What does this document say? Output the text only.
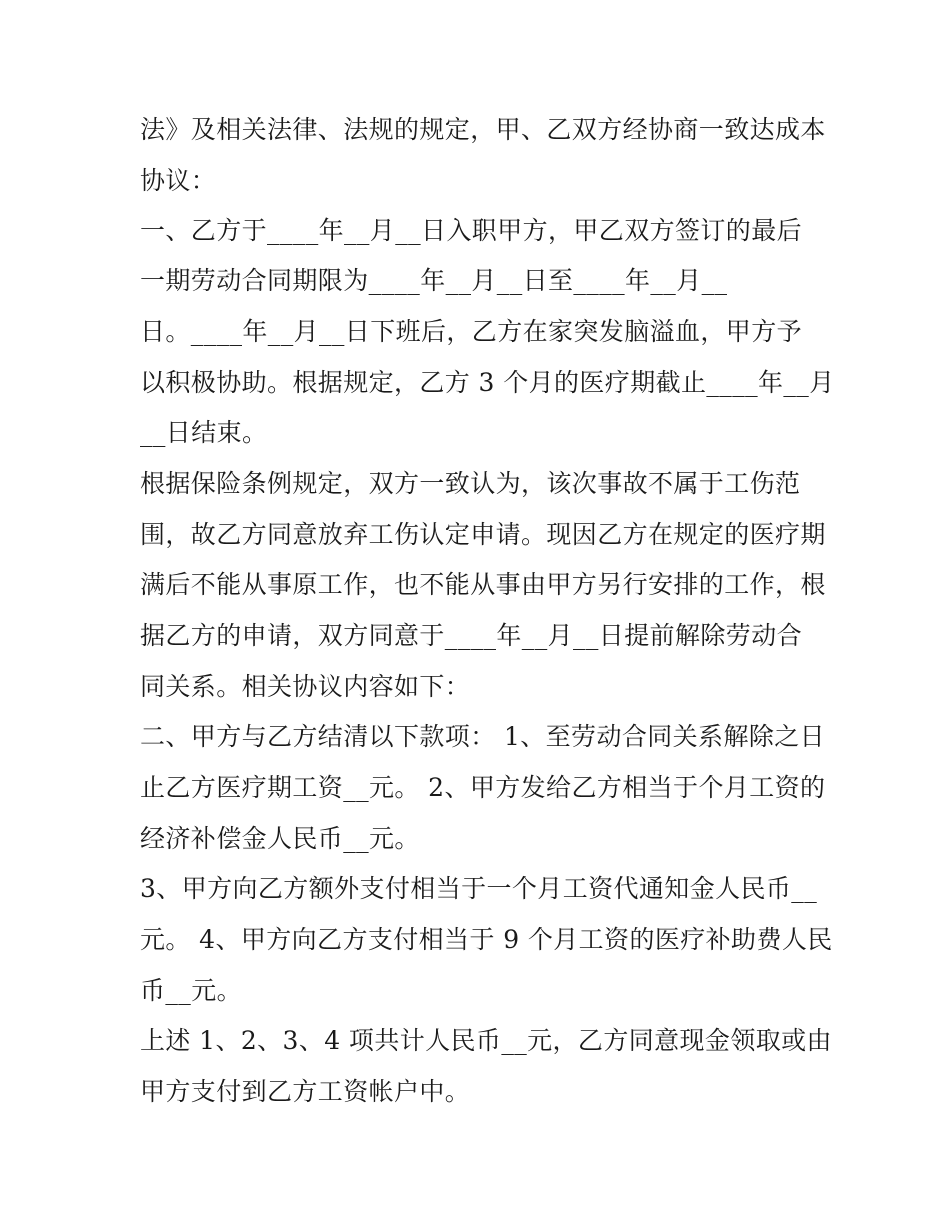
法》及相关法律、法规的规定，甲、乙双方经协商一致达成本

协议：

一、乙方于____年__月__日入职甲方，甲乙双方签订的最后

一期劳动合同期限为____年__月__日至____年__月__

日。____年__月__日下班后，乙方在家突发脑溢血，甲方予

以积极协助。根据规定，乙方 3 个月的医疗期截止____年__月

__日结束。

根据保险条例规定，双方一致认为，该次事故不属于工伤范

围，故乙方同意放弃工伤认定申请。现因乙方在规定的医疗期

满后不能从事原工作，也不能从事由甲方另行安排的工作，根

据乙方的申请，双方同意于____年__月__日提前解除劳动合

同关系。相关协议内容如下：

二、甲方与乙方结清以下款项： 1、至劳动合同关系解除之日

止乙方医疗期工资__元。 2、甲方发给乙方相当于个月工资的

经济补偿金人民币__元。

3、甲方向乙方额外支付相当于一个月工资代通知金人民币__

元。 4、甲方向乙方支付相当于 9 个月工资的医疗补助费人民

币__元。

上述 1、2、3、4 项共计人民币__元，乙方同意现金领取或由

甲方支付到乙方工资帐户中。
